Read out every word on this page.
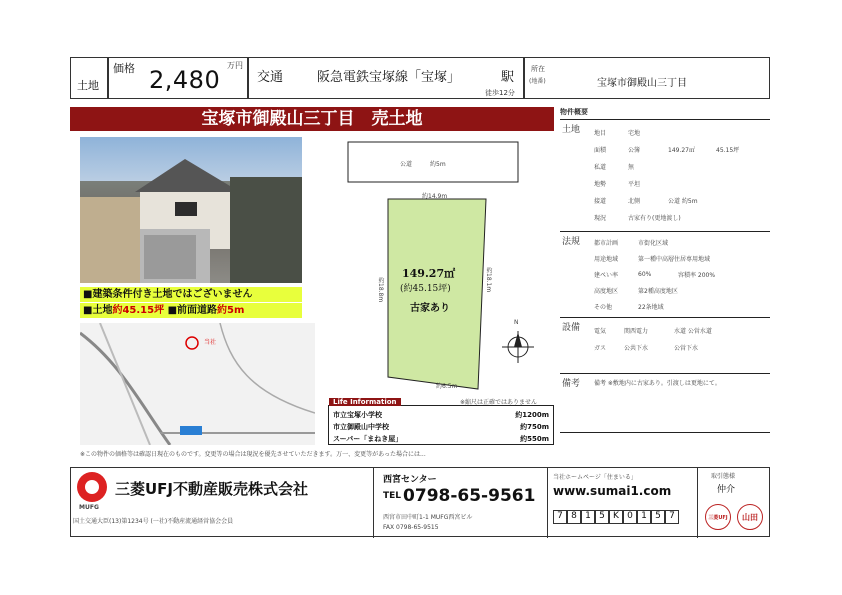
土地
価格 2,480
万円
交通	阪急電鉄宝塚線「宝塚」	駅
徒歩12分
所在
(地番)	宝塚市御殿山三丁目
宝塚市御殿山三丁目　売土地
■建築条件付き土地ではございません
■土地約45.15坪 ■前面道路約5m
当社
公道	約5m
約14.9m
約18.8m	約18.1m
約6.5m
149.27㎡
(約45.15坪)
古家あり
N
※縮尺は正確ではありません
Life Information
市立宝塚小学校	約1200m
市立御殿山中学校	約750m
スーパー「まねき屋」	約550m
※この物件の価格等は確認日現在のものです。変更等の場合は現況を優先させていただきます。万一、変更等があった場合には...
物件概要
土地 地目	宅地
面積	公簿	149.27㎡	45.15坪
私道	無
地勢	平坦
接道	北側	公道 約5m
現況	古家有り(更地渡し)
法規 都市計画	市街化区域
用途地域	第一種中高層住居専用地域
建ぺい率	60%	容積率 200%
高度地区	第2種高度地区
その他	22条地域
設備 電気	関西電力	水道 公営水道
ガス	公共下水	公営下水
備考 備考 ※敷地内に古家あり。引渡しは更地にて。
MUFG
三菱UFJ不動産販売株式会社
国土交通大臣(13)第1234号 (一社)不動産流通経営協会会員
西宮センター
TEL 0798-65-9561
西宮市田中町1-1 MUFG西宮ビル
FAX 0798-65-9515
当社ホームページ「住まいる」
www.sumai1.com
7 8 1 5 K 0 1 5 7
取引態様
仲介
三菱UFJ	山田
